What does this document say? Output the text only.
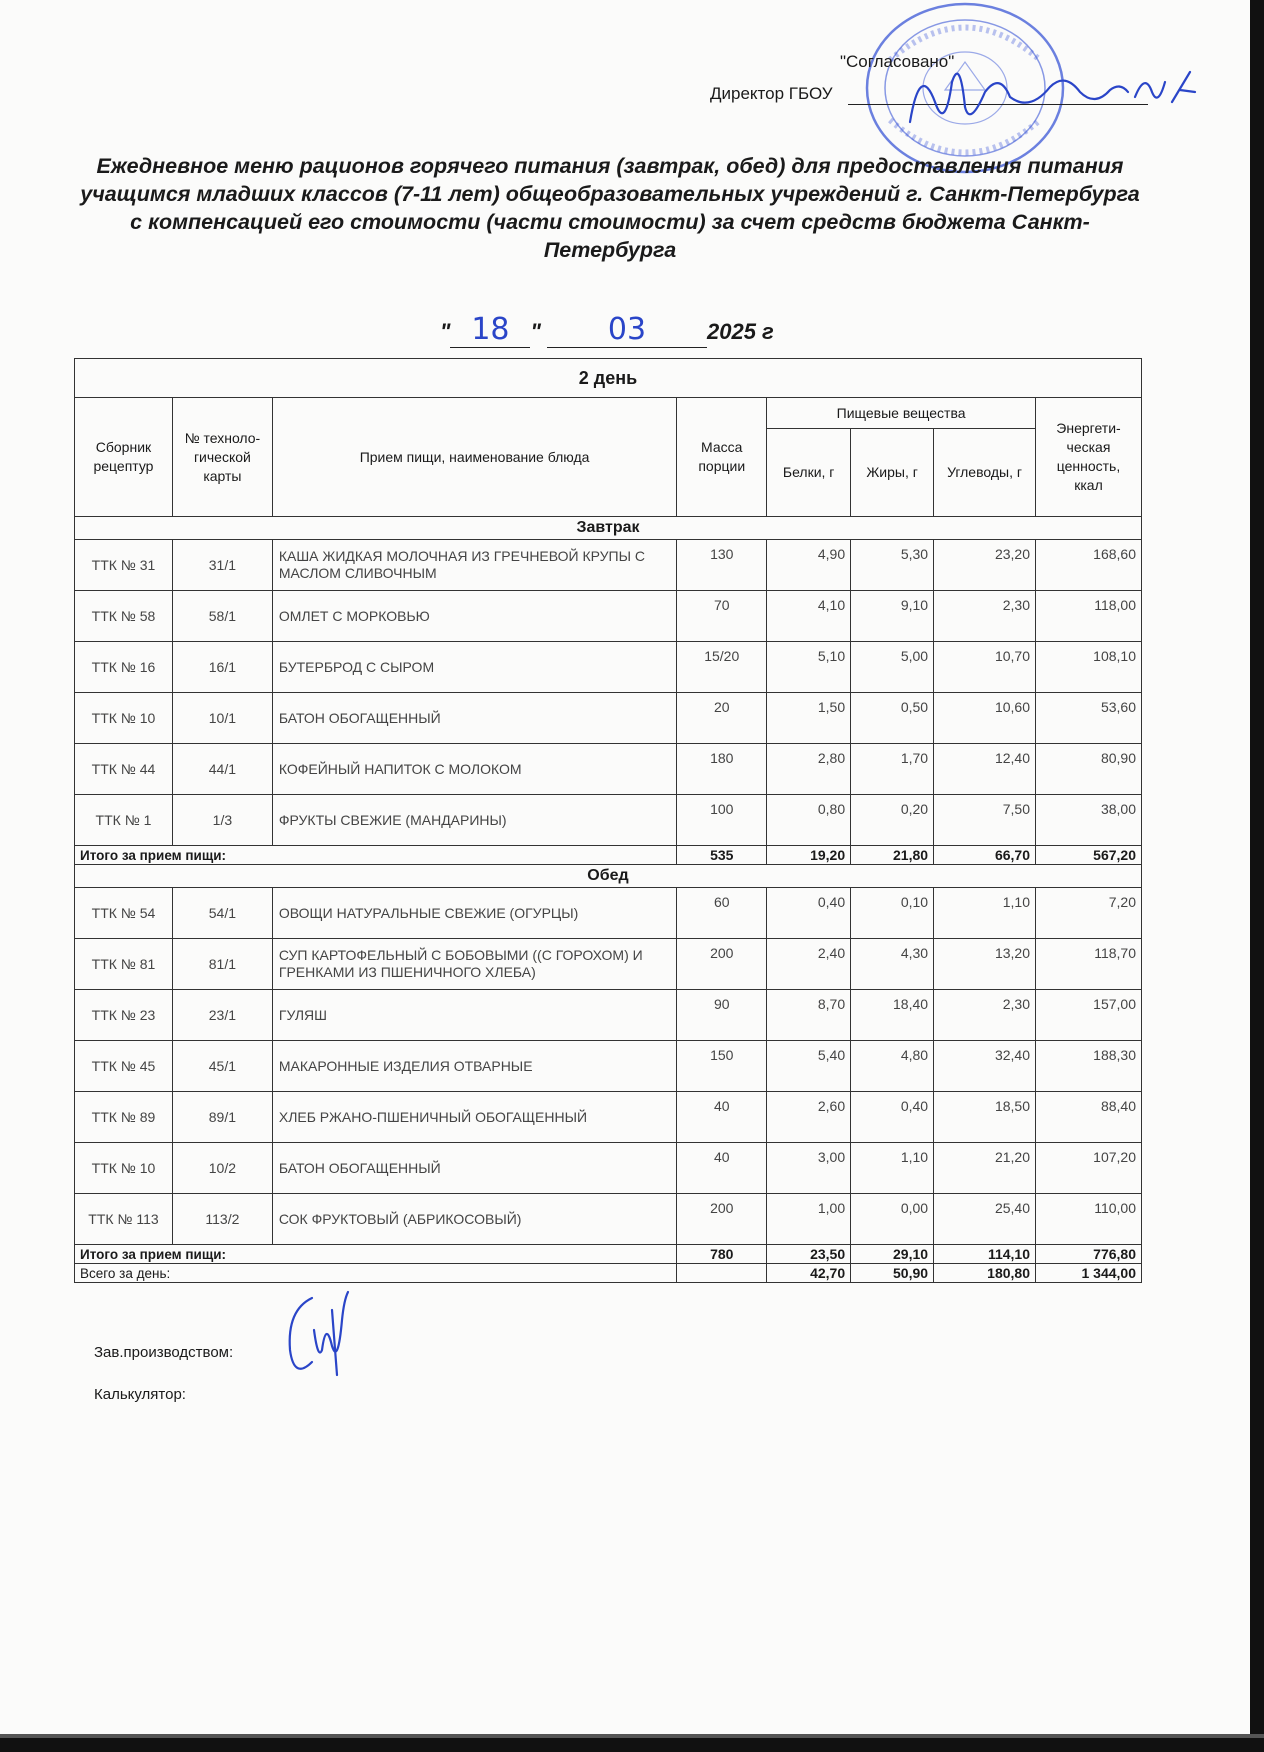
"Согласовано"
Директор ГБОУ
Ежедневное меню рационов горячего питания (завтрак, обед) для предоставления питания учащимся младших классов (7-11 лет) общеобразовательных учреждений г. Санкт-Петербурга с компенсацией его стоимости (части стоимости) за счет средств бюджета Санкт-Петербурга
" 18 " 03	2025 г
2 день							
Сборник рецептур	№ техноло-гической карты	Прием пищи, наименование блюда	Масса порции	Пищевые вещества			Энергети-ческая ценность, ккал
				Белки, г	Жиры, г	Углеводы, г	
Завтрак							
ТТК № 31	31/1	КАША ЖИДКАЯ МОЛОЧНАЯ ИЗ ГРЕЧНЕВОЙ КРУПЫ С МАСЛОМ СЛИВОЧНЫМ	130	4,90	5,30	23,20	168,60
ТТК № 58	58/1	ОМЛЕТ С МОРКОВЬЮ	70	4,10	9,10	2,30	118,00
ТТК № 16	16/1	БУТЕРБРОД С СЫРОМ	15/20	5,10	5,00	10,70	108,10
ТТК № 10	10/1	БАТОН ОБОГАЩЕННЫЙ	20	1,50	0,50	10,60	53,60
ТТК № 44	44/1	КОФЕЙНЫЙ НАПИТОК С МОЛОКОМ	180	2,80	1,70	12,40	80,90
ТТК № 1	1/3	ФРУКТЫ СВЕЖИЕ (МАНДАРИНЫ)	100	0,80	0,20	7,50	38,00
Итого за прием пищи:			535	19,20	21,80	66,70	567,20
Обед							
ТТК № 54	54/1	ОВОЩИ НАТУРАЛЬНЫЕ СВЕЖИЕ (ОГУРЦЫ)	60	0,40	0,10	1,10	7,20
ТТК № 81	81/1	СУП КАРТОФЕЛЬНЫЙ С БОБОВЫМИ ((С ГОРОХОМ) И ГРЕНКАМИ ИЗ ПШЕНИЧНОГО ХЛЕБА)	200	2,40	4,30	13,20	118,70
ТТК № 23	23/1	ГУЛЯШ	90	8,70	18,40	2,30	157,00
ТТК № 45	45/1	МАКАРОННЫЕ ИЗДЕЛИЯ ОТВАРНЫЕ	150	5,40	4,80	32,40	188,30
ТТК № 89	89/1	ХЛЕБ РЖАНО-ПШЕНИЧНЫЙ ОБОГАЩЕННЫЙ	40	2,60	0,40	18,50	88,40
ТТК № 10	10/2	БАТОН ОБОГАЩЕННЫЙ	40	3,00	1,10	21,20	107,20
ТТК № 113	113/2	СОК ФРУКТОВЫЙ (АБРИКОСОВЫЙ)	200	1,00	0,00	25,40	110,00
Итого за прием пищи:			780	23,50	29,10	114,10	776,80
Всего за день:				42,70	50,90	180,80	1 344,00
Зав.производством:
Калькулятор:
